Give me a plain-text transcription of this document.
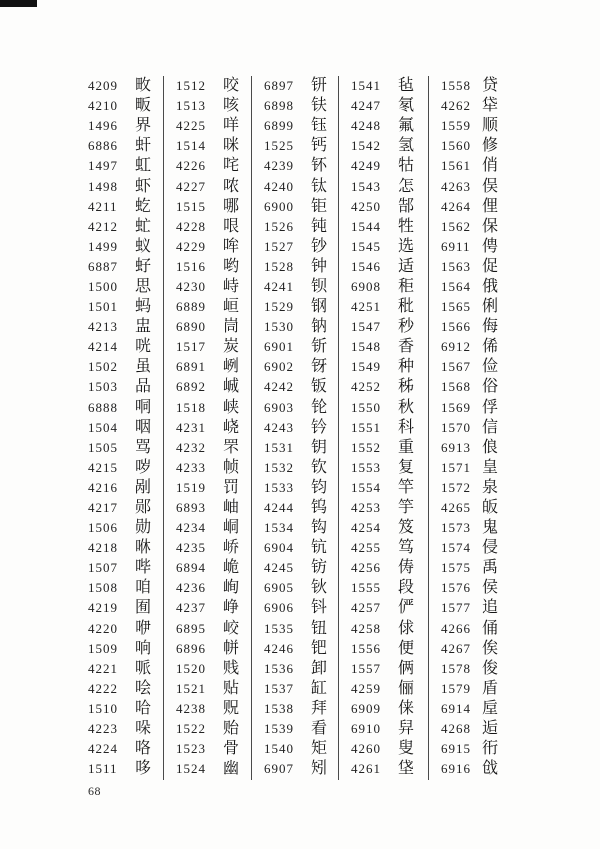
4209	畋
4210	畈
1496	界
6886	虷
1497	虹
1498	虾
4211	虼
4212	虻
1499	蚁
6887	虸
1500	思
1501	蚂
4213	盅
4214	咣
1502	虽
1503	品
6888	哃
1504	咽
1505	骂
4215	哕
4216	剐
4217	郧
1506	勋
4218	咻
1507	哔
1508	咱
4219	囿
4220	咿
1509	响
4221	哌
4222	哙
1510	哈
4223	哚
4224	咯
1511	哆
1512	咬
1513	咳
4225	咩
1514	咪
4226	咤
4227	哝
1515	哪
4228	哏
4229	哞
1516	哟
4230	峙
6889	峘
6890	峝
1517	炭
6891	峢
6892	峸
1518	峡
4231	峣
4232	罘
4233	帧
1519	罚
6893	岫
4234	峒
4235	峤
6894	峗
4236	峋
4237	峥
6895	峧
6896	帡
1520	贱
1521	贴
4238	贶
1522	贻
1523	骨
1524	幽
6897	钘
6898	𫓧
6899	钰
1525	钙
4239	钚
4240	钛
6900	钜
1526	钝
1527	钞
1528	钟
4241	钡
1529	钢
1530	钠
6901	𬬱
6902	䥺
4242	钣
6903	𬬭
4243	钤
1531	钥
1532	钦
1533	钧
4244	钨
1534	钩
6904	钪
4245	钫
6905	钬
6906	钭
1535	钮
4246	钯
1536	卸
1537	缸
1538	拜
1539	看
1540	矩
6907	矧
1541	毡
4247	氡
4248	氟
1542	氢
4249	牯
1543	怎
4250	郜
1544	牲
1545	选
1546	适
6908	秬
4251	秕
1547	秒
1548	香
1549	种
4252	秭
1550	秋
1551	科
1552	重
1553	复
1554	竿
4253	竽
4254	笈
4255	笃
4256	俦
1555	段
4257	俨
4258	俅
1556	便
1557	俩
4259	俪
6909	俫
6910	舁
4260	叟
4261	垡
1558 贷
4262 牮
1559 顺
1560 修
1561 俏
4263 俣
4264 俚
1562 保
6911 俜
1563 促
1564 俄
1565 俐
1566 侮
6912 俙
1567 俭
1568 俗
1569 俘
1570 信
6913 俍
1571 皇
1572 泉
4265 皈
1573 鬼
1574 侵
1575 禹
1576 侯
1577 追
4266 俑
4267 俟
1578 俊
1579 盾
6914 垕
4268 逅
6915 衎
6916 戗
68
